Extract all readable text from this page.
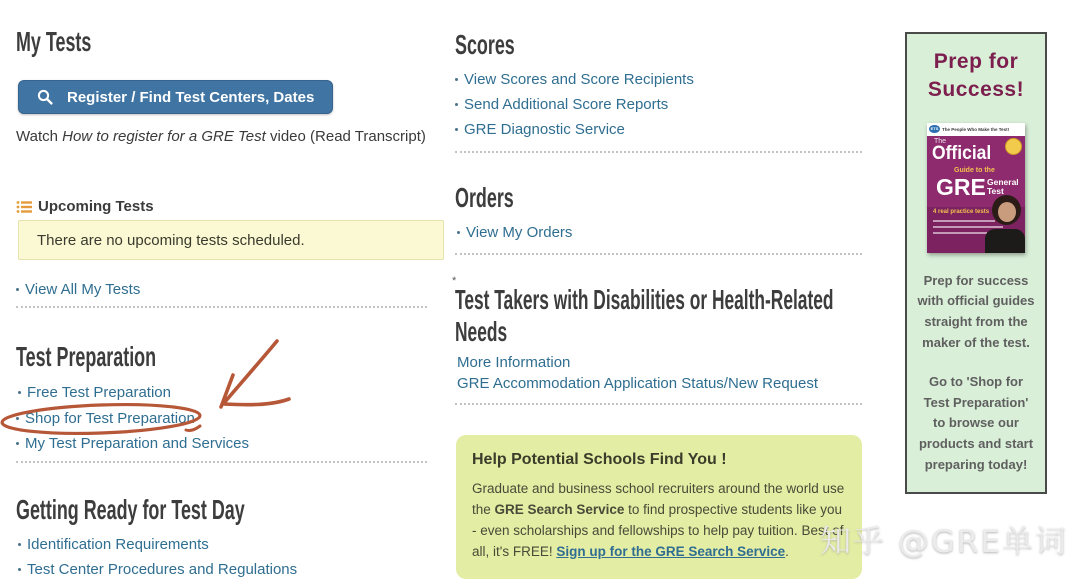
My Tests
Register / Find Test Centers, Dates
Watch How to register for a GRE Test video (Read Transcript)
Upcoming Tests
There are no upcoming tests scheduled.
View All My Tests
Test Preparation
Free Test Preparation
Shop for Test Preparation
My Test Preparation and Services
Getting Ready for Test Day
Identification Requirements
Test Center Procedures and Regulations
Scores
View Scores and Score Recipients
Send Additional Score Reports
GRE Diagnostic Service
Orders
View My Orders
*
Test Takers with Disabilities or Health-Related
Needs
More Information
GRE Accommodation Application Status/New Request
Help Potential Schools Find You !

Graduate and business school recruiters around the world use the GRE Search Service to find prospective students like you - even scholarships and fellowships to help pay tuition. Best of all, it's FREE! Sign up for the GRE Search Service.

Prep for Success!
ETS The People Who Make the Test!
The
Official
Guide to the
GRE General Test
4 real practice tests
Prep for success with official guides straight from the maker of the test.
Go to 'Shop for Test Preparation' to browse our products and start preparing today!
知乎 @GRE单词
